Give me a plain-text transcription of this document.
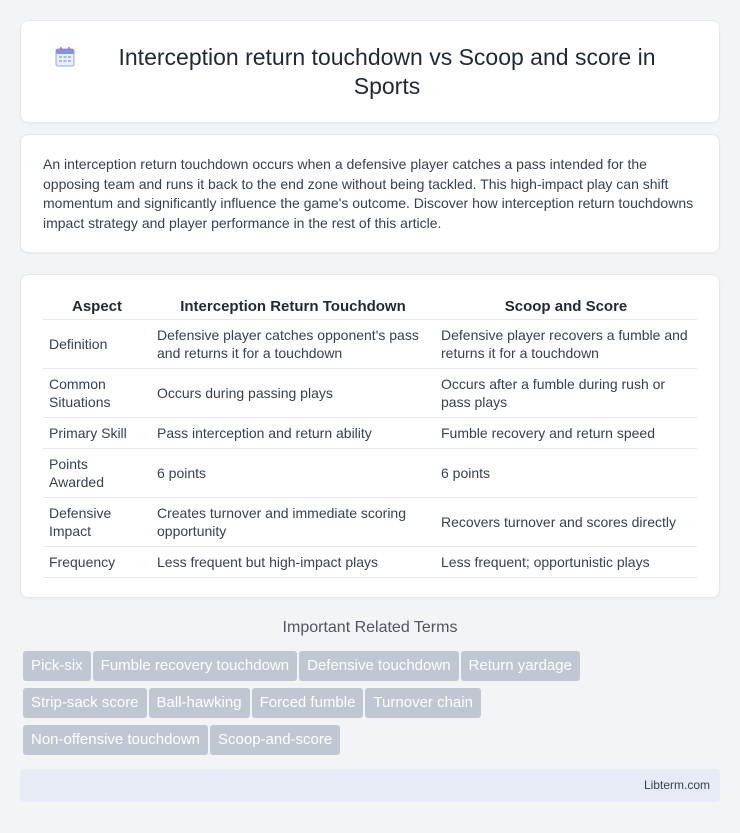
Interception return touchdown vs Scoop and score in Sports

An interception return touchdown occurs when a defensive player catches a pass intended for the opposing team and runs it back to the end zone without being tackled. This high-impact play can shift momentum and significantly influence the game's outcome. Discover how interception return touchdowns impact strategy and player performance in the rest of this article.

Aspect	Interception Return Touchdown	Scoop and Score
Definition	Defensive player catches opponent's pass and returns it for a touchdown	Defensive player recovers a fumble and returns it for a touchdown
Common Situations	Occurs during passing plays	Occurs after a fumble during rush or pass plays
Primary Skill	Pass interception and return ability	Fumble recovery and return speed
Points Awarded	6 points	6 points
Defensive Impact	Creates turnover and immediate scoring opportunity	Recovers turnover and scores directly
Frequency	Less frequent but high-impact plays	Less frequent; opportunistic plays
Important Related Terms
Pick-six Fumble recovery touchdown Defensive touchdown Return yardage
Strip-sack score Ball-hawking Forced fumble Turnover chain
Non-offensive touchdown Scoop-and-score
Libterm.com
